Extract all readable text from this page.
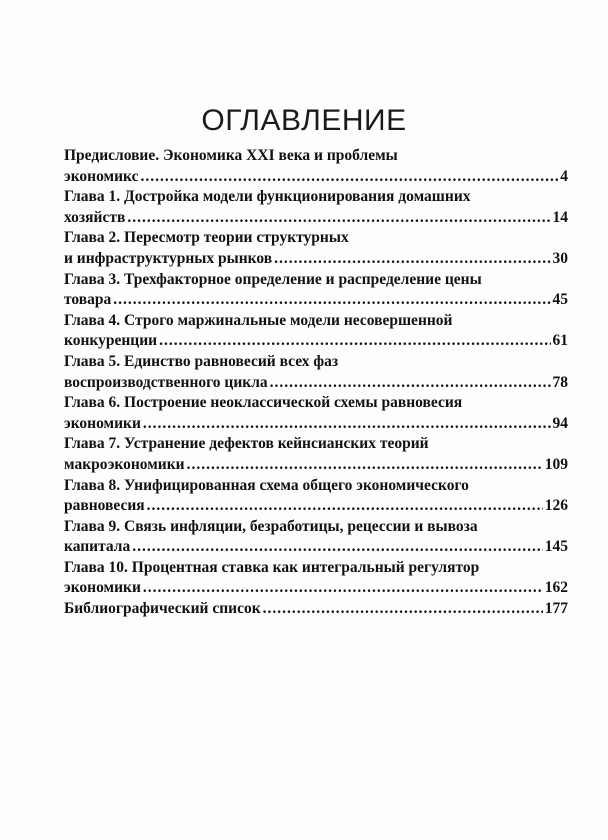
ОГЛАВЛЕНИЕ
Предисловие. Экономика XXI века и проблемы
экономикс .....	4
Глава 1. Достройка модели функционирования домашних
хозяйств .....	14
Глава 2. Пересмотр теории структурных
и инфраструктурных рынков .....	30
Глава 3. Трехфакторное определение и распределение цены
товара .....	45
Глава 4. Строго маржинальные модели несовершенной
конкуренции .....	61
Глава 5. Единство равновесий всех фаз
воспроизводственного цикла .....	78
Глава 6. Построение неоклассической схемы равновесия
экономики .....	94
Глава 7. Устранение дефектов кейнсианских теорий
макроэкономики .....	109
Глава 8. Унифицированная схема общего экономического
равновесия .....	126
Глава 9. Связь инфляции, безработицы, рецессии и вывоза
капитала .....	145
Глава 10. Процентная ставка как интегральный регулятор
экономики .....	162
Библиографический список .....	177
